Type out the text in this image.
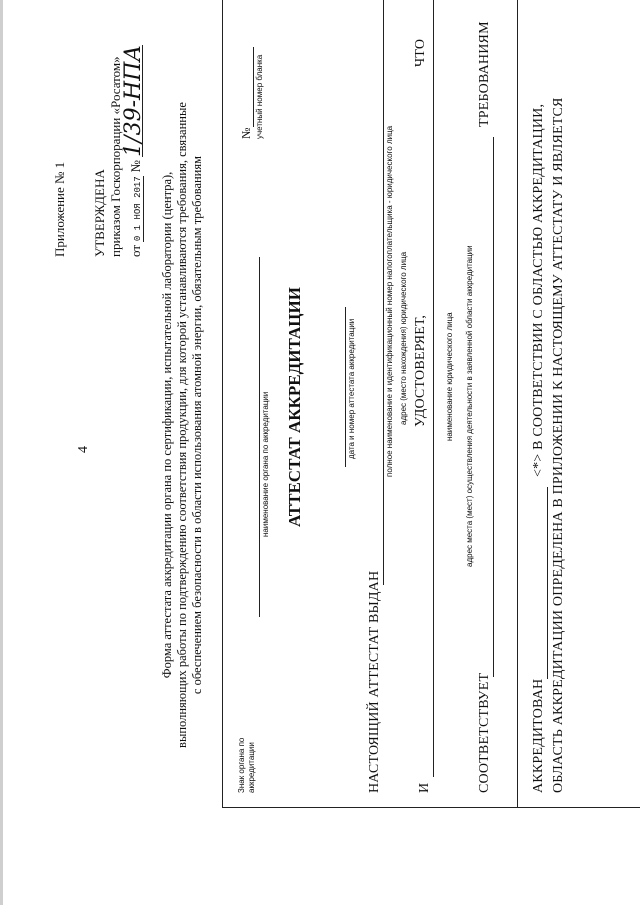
4
Приложение № 1 УТВЕРЖДЕНА приказом Госкорпорации «Росатом» от 0 1 НОЯ 2017 № 1/39-НПА
Форма аттестата аккредитации органа по сертификации, испытательной лаборатории (центра), выполняющих работы по подтверждению соответствия продукции, для которой устанавливаются требования, связанные с обеспечением безопасности в области использования атомной энергии, обязательным требованиям
Знак органа по аккредитации
наименование органа по аккредитации
№ учетный номер бланка
АТТЕСТАТ АККРЕДИТАЦИИ	дата и номер аттестата аккредитации
НАСТОЯЩИЙ АТТЕСТАТ ВЫДАН
полное наименование и идентификационный номер налогоплательщика - юридического лица
И
адрес (место нахождения) юридического лица УДОСТОВЕРЯЕТ,
ЧТО
наименование юридического лица
СООТВЕТСТВУЕТ
ТРЕБОВАНИЯМ
адрес места (мест) осуществления деятельности в заявленной области аккредитации
АККРЕДИТОВАН
<*> В СООТВЕТСТВИИ С ОБЛАСТЬЮ АККРЕДИТАЦИИ, ОБЛАСТЬ АККРЕДИТАЦИИ ОПРЕДЕЛЕНА В ПРИЛОЖЕНИИ К НАСТОЯЩЕМУ АТТЕСТАТУ И ЯВЛЯЕТСЯ
